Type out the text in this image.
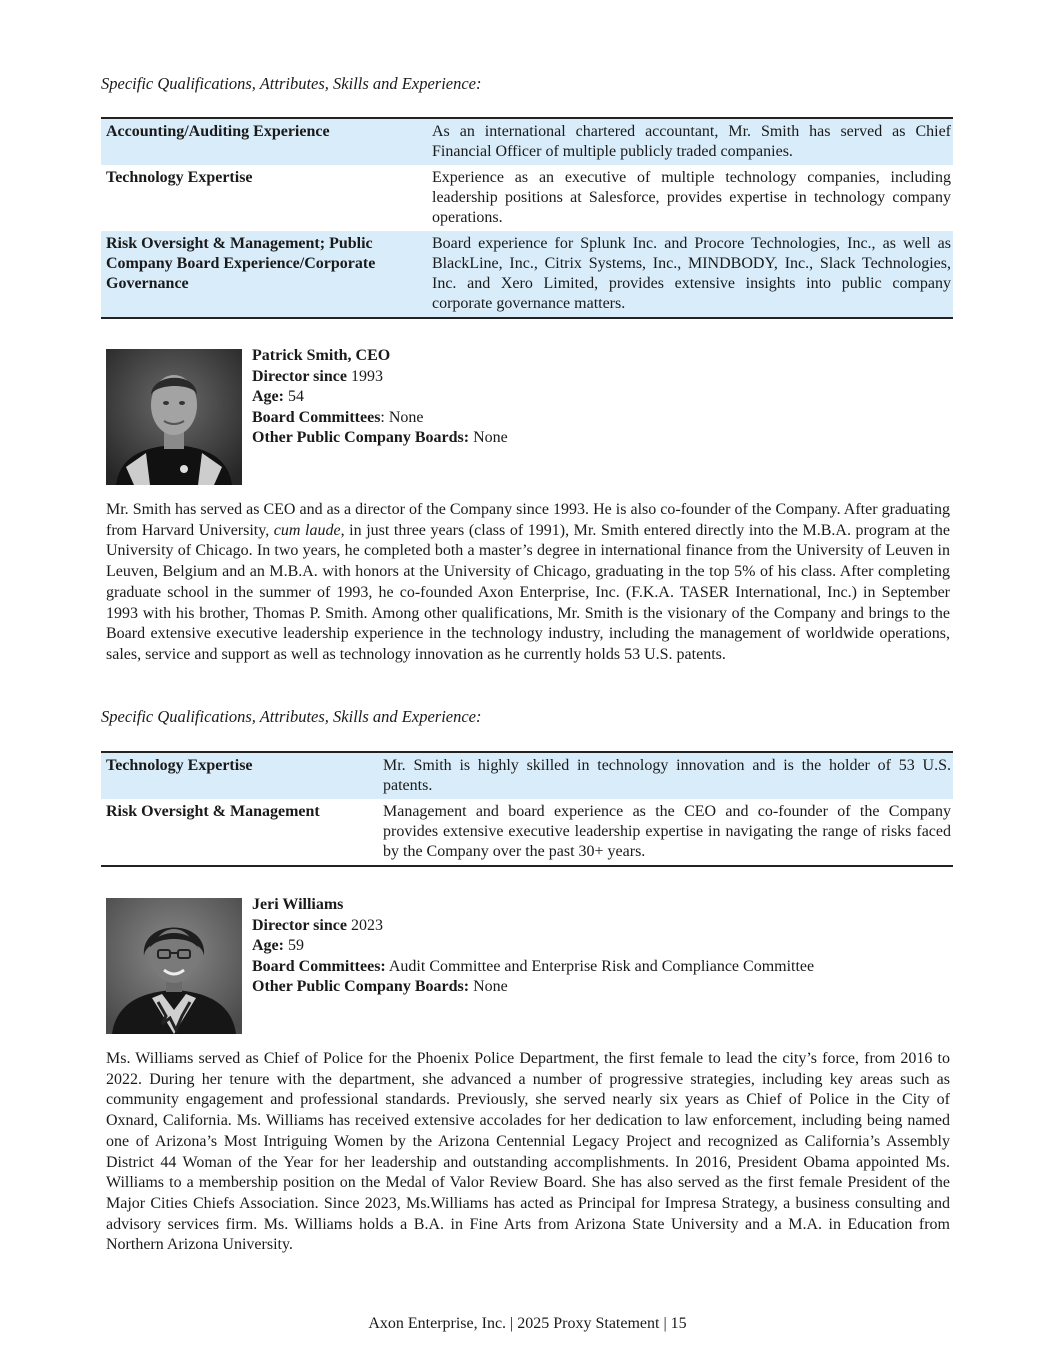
Specific Qualifications, Attributes, Skills and Experience:
Accounting/Auditing Experience	As an international chartered accountant, Mr. Smith has served as Chief Financial Officer of multiple publicly traded companies.
Technology Expertise	Experience as an executive of multiple technology companies, including leadership positions at Salesforce, provides expertise in technology company operations.
Risk Oversight & Management; Public Company Board Experience/Corporate Governance	Board experience for Splunk Inc. and Procore Technologies, Inc., as well as BlackLine, Inc., Citrix Systems, Inc., MINDBODY, Inc., Slack Technologies, Inc. and Xero Limited, provides extensive insights into public company corporate governance matters.
Patrick Smith, CEO
Director since 1993
Age: 54
Board Committees: None
Other Public Company Boards: None
Mr. Smith has served as CEO and as a director of the Company since 1993. He is also co-founder of the Company. After graduating from Harvard University, cum laude, in just three years (class of 1991), Mr. Smith entered directly into the M.B.A. program at the University of Chicago. In two years, he completed both a master’s degree in international finance from the University of Leuven in Leuven, Belgium and an M.B.A. with honors at the University of Chicago, graduating in the top 5% of his class. After completing graduate school in the summer of 1993, he co-founded Axon Enterprise, Inc. (F.K.A. TASER International, Inc.) in September 1993 with his brother, Thomas P. Smith. Among other qualifications, Mr. Smith is the visionary of the Company and brings to the Board extensive executive leadership experience in the technology industry, including the management of worldwide operations, sales, service and support as well as technology innovation as he currently holds 53 U.S. patents.
Specific Qualifications, Attributes, Skills and Experience:
Technology Expertise	Mr. Smith is highly skilled in technology innovation and is the holder of 53 U.S. patents.
Risk Oversight & Management	Management and board experience as the CEO and co-founder of the Company provides extensive executive leadership expertise in navigating the range of risks faced by the Company over the past 30+ years.
Jeri Williams
Director since 2023
Age: 59
Board Committees: Audit Committee and Enterprise Risk and Compliance Committee
Other Public Company Boards: None
Ms. Williams served as Chief of Police for the Phoenix Police Department, the first female to lead the city’s force, from 2016 to 2022. During her tenure with the department, she advanced a number of progressive strategies, including key areas such as community engagement and professional standards. Previously, she served nearly six years as Chief of Police in the City of Oxnard, California. Ms. Williams has received extensive accolades for her dedication to law enforcement, including being named one of Arizona’s Most Intriguing Women by the Arizona Centennial Legacy Project and recognized as California’s Assembly District 44 Woman of the Year for her leadership and outstanding accomplishments. In 2016, President Obama appointed Ms. Williams to a membership position on the Medal of Valor Review Board. She has also served as the first female President of the Major Cities Chiefs Association. Since 2023, Ms.Williams has acted as Principal for Impresa Strategy, a business consulting and advisory services firm. Ms. Williams holds a B.A. in Fine Arts from Arizona State University and a M.A. in Education from Northern Arizona University.
Axon Enterprise, Inc. | 2025 Proxy Statement | 15
